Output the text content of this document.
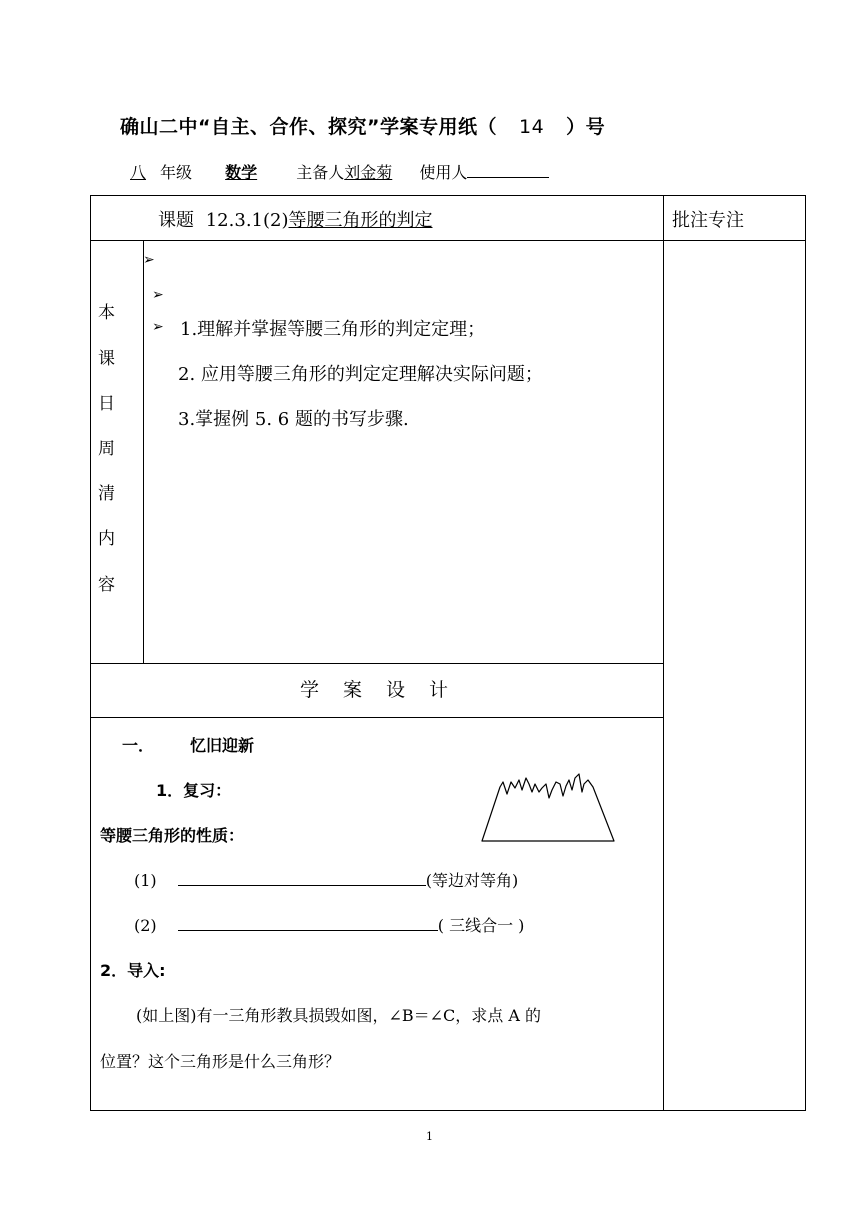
确山二中“自主、合作、探究”学案专用纸（ 14 ）号
八 年级 数学 主备人刘金菊 使用人
课题 12.3.1(2)等腰三角形的判定	批注专注
本
课
日
周
清
内
容
➢
➢
➢ 1.理解并掌握等腰三角形的判定定理；
2. 应用等腰三角形的判定定理解决实际问题；
3.掌握例 5. 6 题的书写步骤.
学案设计
一． 忆旧迎新
1．复习：
等腰三角形的性质：
(1)	(等边对等角)
(2)	( 三线合一 )
2．导入:
(如上图)有一三角形教具损毁如图，∠B＝∠C，求点 A 的
位置？这个三角形是什么三角形？
1
